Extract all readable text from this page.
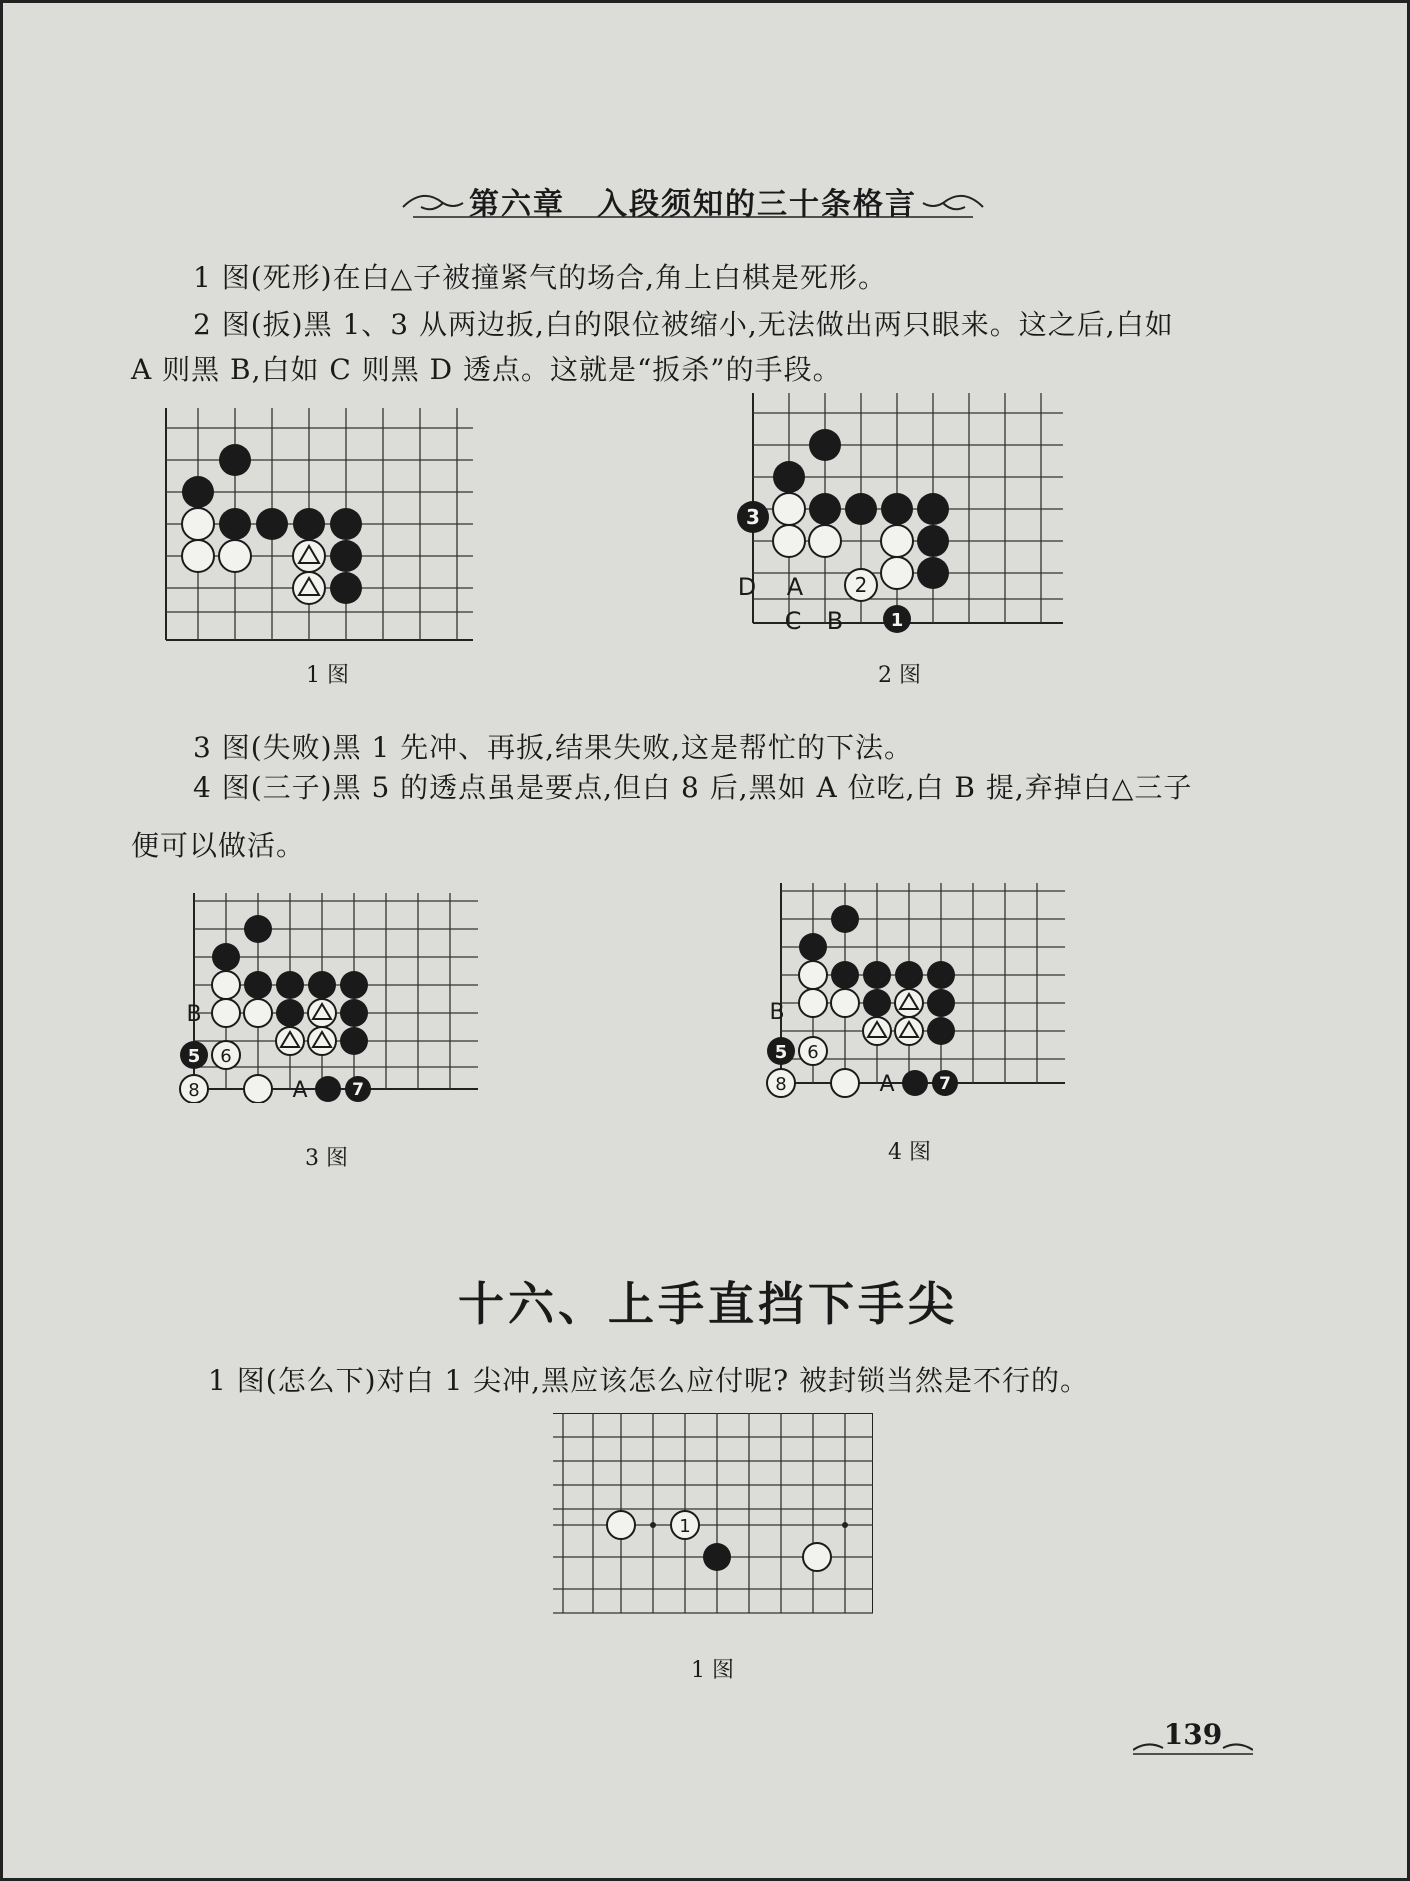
第六章　入段须知的三十条格言
1 图(死形)在白△子被撞紧气的场合,角上白棋是死形。
2 图(扳)黑 1、3 从两边扳,白的限位被缩小,无法做出两只眼来。这之后,白如
A 则黑 B,白如 C 则黑 D 透点。这就是“扳杀”的手段。
1 图
3
2
1
D A
C B
2 图
3 图(失败)黑 1 先冲、再扳,结果失败,这是帮忙的下法。
4 图(三子)黑 5 的透点虽是要点,但白 8 后,黑如 A 位吃,白 B 提,弃掉白△三子
便可以做活。
B
5 6
8	A	7
3 图
B
5 6
8	A	7
4 图
十六、上手直挡下手尖
1 图(怎么下)对白 1 尖冲,黑应该怎么应付呢? 被封锁当然是不行的。
1
1 图
139
